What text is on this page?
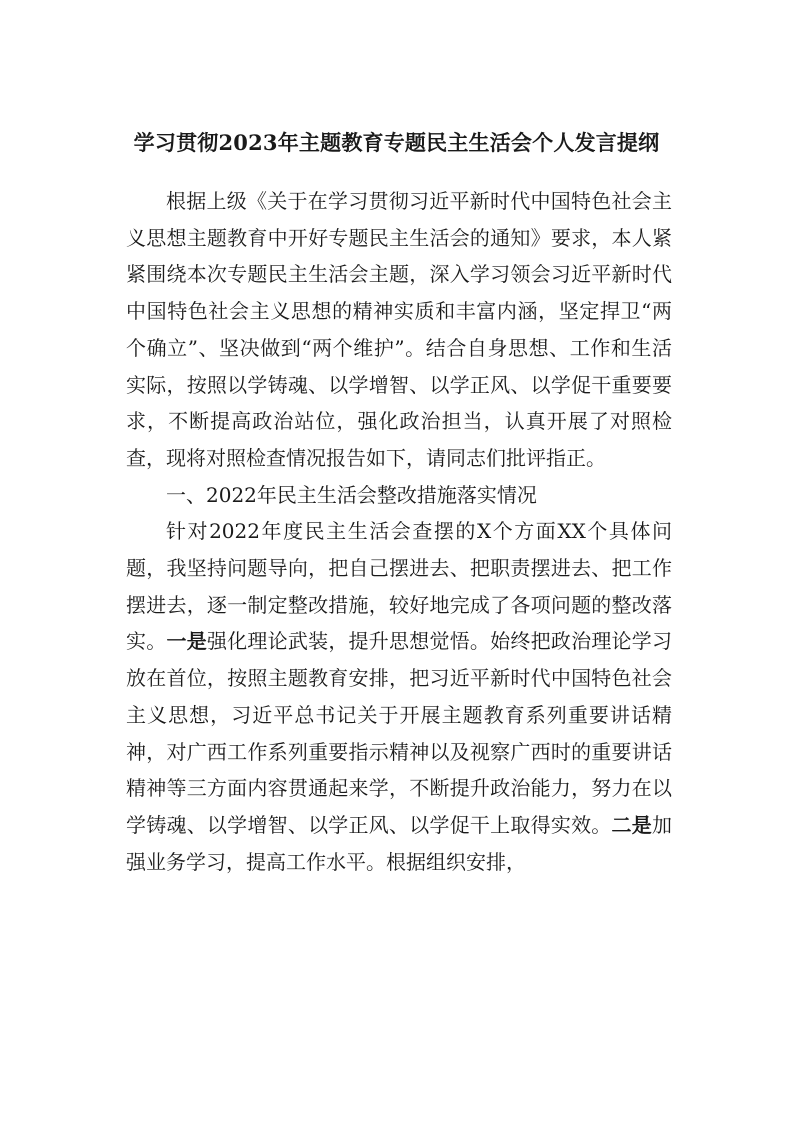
学习贯彻2023年主题教育专题民主生活会个人发言提纲

根据上级《关于在学习贯彻习近平新时代中国特色社会主义思想主题教育中开好专题民主生活会的通知》要求，本人紧紧围绕本次专题民主生活会主题，深入学习领会习近平新时代中国特色社会主义思想的精神实质和丰富内涵，坚定捍卫“两个确立”、坚决做到“两个维护”。结合自身思想、工作和生活实际，按照以学铸魂、以学增智、以学正风、以学促干重要要求，不断提高政治站位，强化政治担当，认真开展了对照检查，现将对照检查情况报告如下，请同志们批评指正。

一、2022年民主生活会整改措施落实情况

针对2022年度民主生活会查摆的X个方面XX个具体问题，我坚持问题导向，把自己摆进去、把职责摆进去、把工作摆进去，逐一制定整改措施，较好地完成了各项问题的整改落实。一是强化理论武装，提升思想觉悟。始终把政治理论学习放在首位，按照主题教育安排，把习近平新时代中国特色社会主义思想，习近平总书记关于开展主题教育系列重要讲话精神，对广西工作系列重要指示精神以及视察广西时的重要讲话精神等三方面内容贯通起来学，不断提升政治能力，努力在以学铸魂、以学增智、以学正风、以学促干上取得实效。二是加强业务学习，提高工作水平。根据组织安排，
